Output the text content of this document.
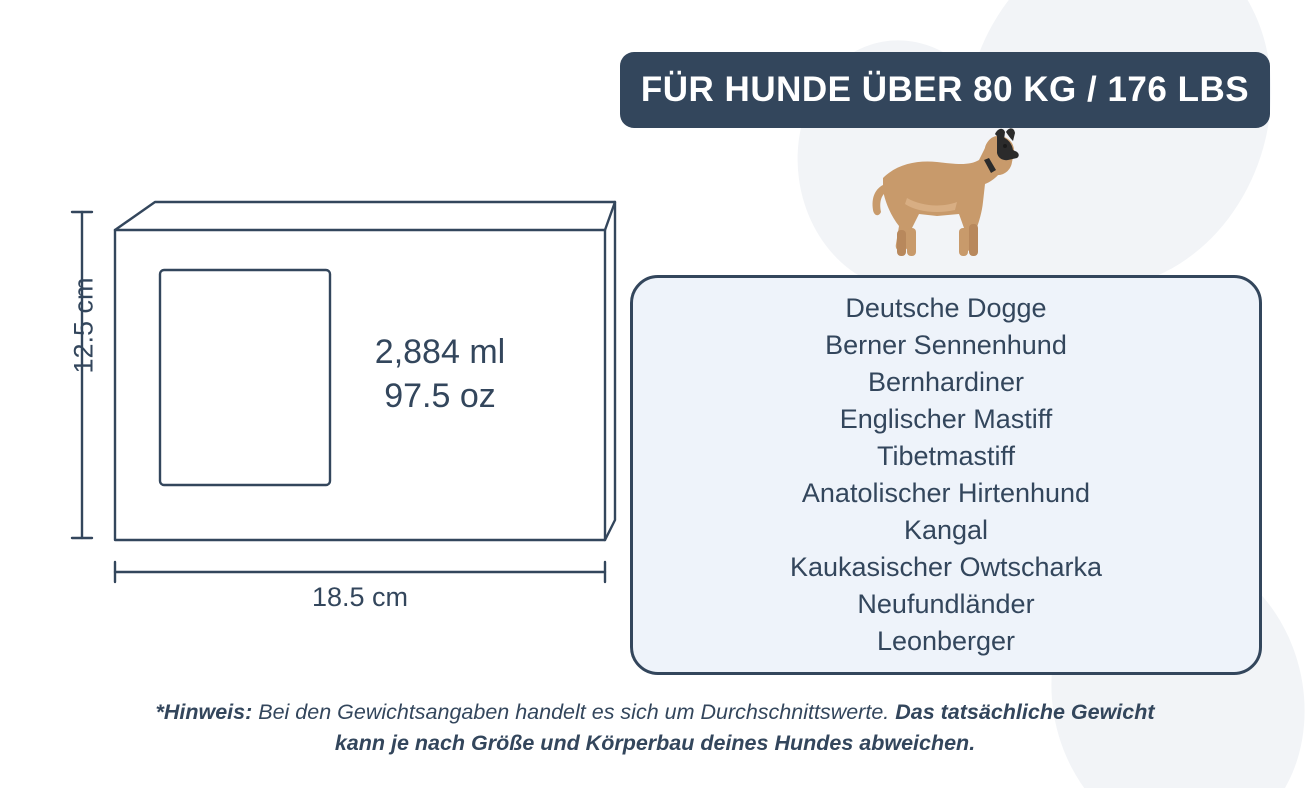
FÜR HUNDE ÜBER 80 KG / 176 LBS
Deutsche Dogge
Berner Sennenhund
Bernhardiner
Englischer Mastiff
Tibetmastiff
Anatolischer Hirtenhund
Kangal
Kaukasischer Owtscharka
Neufundländer
Leonberger
2,884 ml
97.5 oz
12.5 cm
18.5 cm
*Hinweis: Bei den Gewichtsangaben handelt es sich um Durchschnittswerte. Das tatsächliche Gewicht kann je nach Größe und Körperbau deines Hundes abweichen.
